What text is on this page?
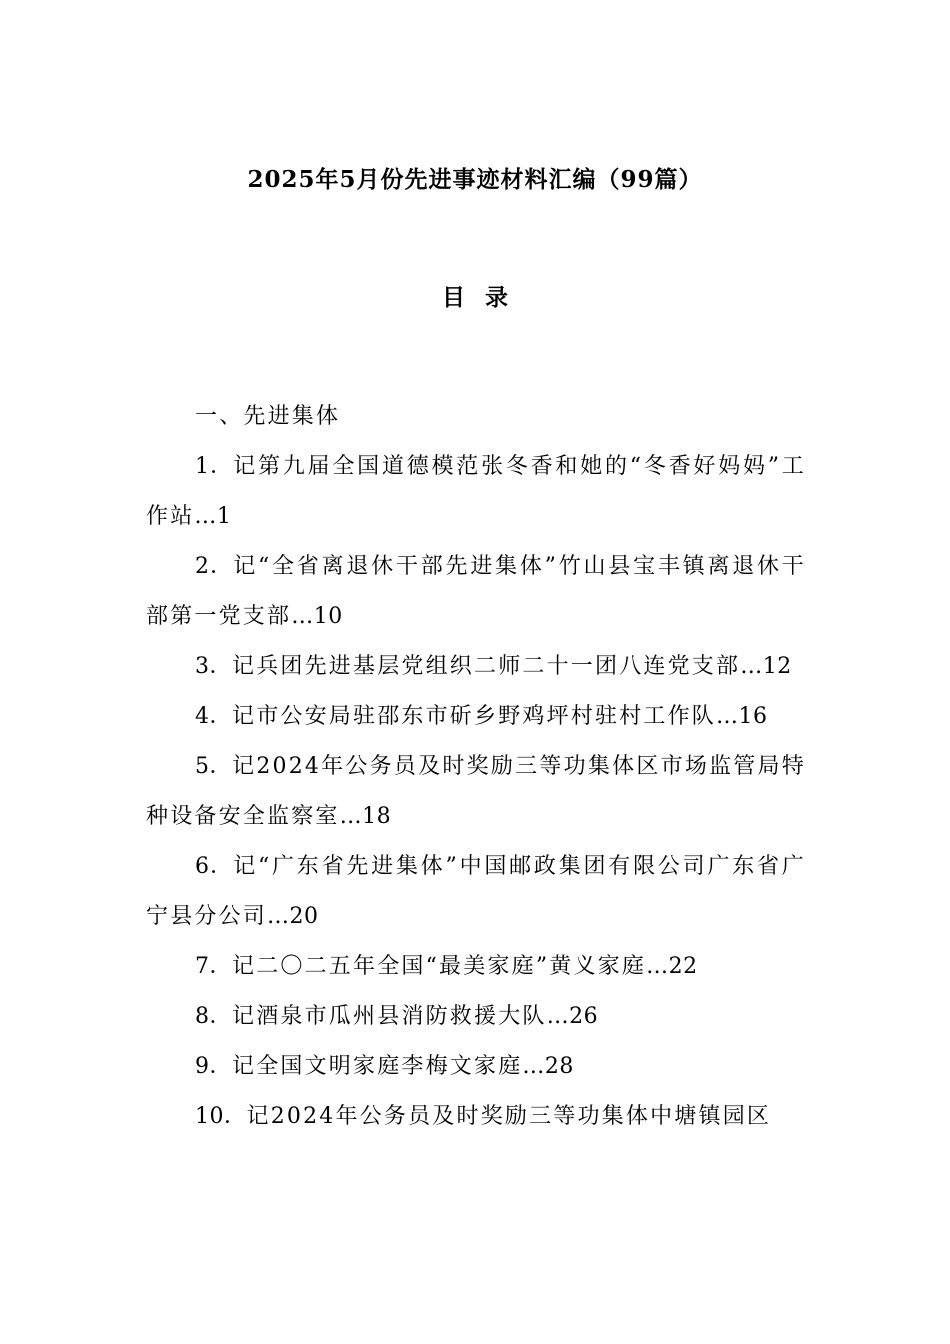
2025年5月份先进事迹材料汇编（99篇）
目 录

一、先进集体

1．记第九届全国道德模范张冬香和她的“冬香好妈妈”工作站…1

2．记“全省离退休干部先进集体”竹山县宝丰镇离退休干部第一党支部…10

3．记兵团先进基层党组织二师二十一团八连党支部…12

4．记市公安局驻邵东市斫乡野鸡坪村驻村工作队…16

5．记2024年公务员及时奖励三等功集体区市场监管局特种设备安全监察室…18

6．记“广东省先进集体”中国邮政集团有限公司广东省广宁县分公司…20

7．记二〇二五年全国“最美家庭”黄义家庭…22

8．记酒泉市瓜州县消防救援大队…26

9．记全国文明家庭李梅文家庭…28

10．记2024年公务员及时奖励三等功集体中塘镇园区
